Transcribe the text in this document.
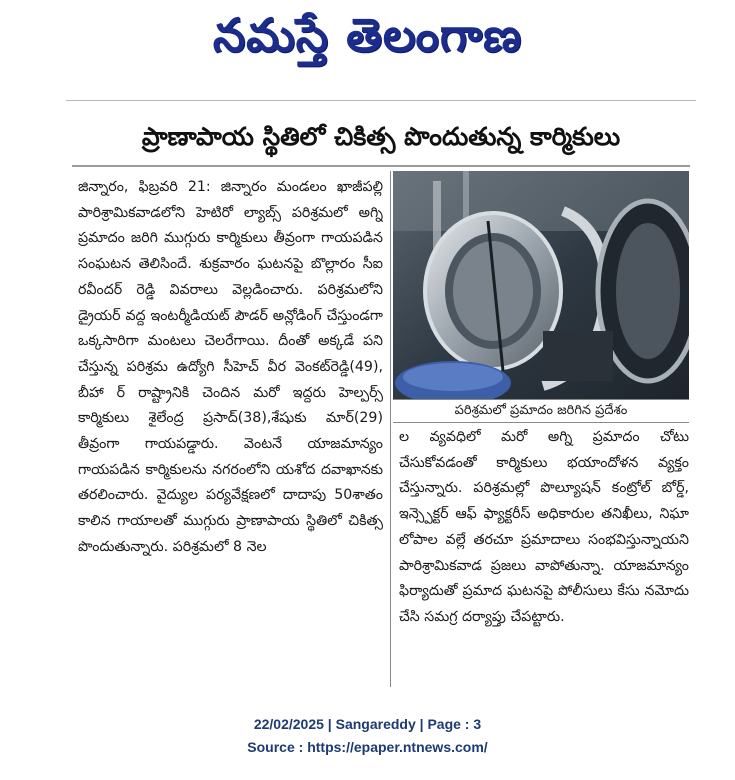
నమస్తే తెలంగాణ
ప్రాణాపాయ స్థితిలో చికిత్స పొందుతున్న కార్మికులు

జిన్నారం, ఫిబ్రవరి 21: జిన్నారం మండలం ఖాజీపల్లి పారిశ్రామికవాడలోని హెటిరో ల్యాబ్స్ పరిశ్రమలో అగ్ని ప్రమాదం జరిగి ముగ్గురు కార్మికులు తీవ్రంగా గాయపడిన సంఘటన తెలిసిందే. శుక్రవారం ఘటనపై బొల్లారం సీఐ రవీందర్ రెడ్డి వివరాలు వెల్లడించారు. పరిశ్రమలోని డ్రైయర్ వద్ద ఇంటర్మీడియట్ పౌడర్ అన్లోడింగ్ చేస్తుండగా ఒక్కసారిగా మంటలు చెలరేగాయి. దీంతో అక్కడే పని చేస్తున్న పరిశ్రమ ఉద్యోగి సీహెచ్ వీర వెంకట్‌రెడ్డి(49), బీహా ర్ రాష్ట్రానికి చెందిన మరో ఇద్దరు హెల్పర్స్ కార్మికులు శైలేంద్ర ప్రసాద్(38),శేషుకు మార్(29) తీవ్రంగా గాయపడ్డారు. వెంటనే యాజమాన్యం గాయపడిన కార్మికులను నగరంలోని యశోద దవాఖానకు తరలించారు. వైద్యుల పర్యవేక్షణలో దాదాపు 50శాతం కాలిన గాయాలతో ముగ్గురు ప్రాణాపాయ స్థితిలో చికిత్స పొందుతున్నారు. పరిశ్రమలో 8 నెల

పరిశ్రమలో ప్రమాదం జరిగిన ప్రదేశం

ల వ్యవధిలో మరో అగ్ని ప్రమాదం చోటు చేసుకోవడంతో కార్మికులు భయాందోళన వ్యక్తం చేస్తున్నారు. పరిశ్రమల్లో పొల్యూషన్ కంట్రోల్ బోర్డ్, ఇన్స్పెక్టర్ ఆఫ్ ఫ్యాక్టరీస్ అధికారుల తనిఖీలు, నిఘా లోపాల వల్లే తరచూ ప్రమాదాలు సంభవిస్తున్నాయని పారిశ్రామికవాడ ప్రజలు వాపోతున్నా. యాజమాన్యం ఫిర్యాదుతో ప్రమాద ఘటనపై పోలీసులు కేసు నమోదు చేసి సమగ్ర దర్యాప్తు చేపట్టారు.

22/02/2025 | Sangareddy | Page : 3
Source : https://epaper.ntnews.com/
